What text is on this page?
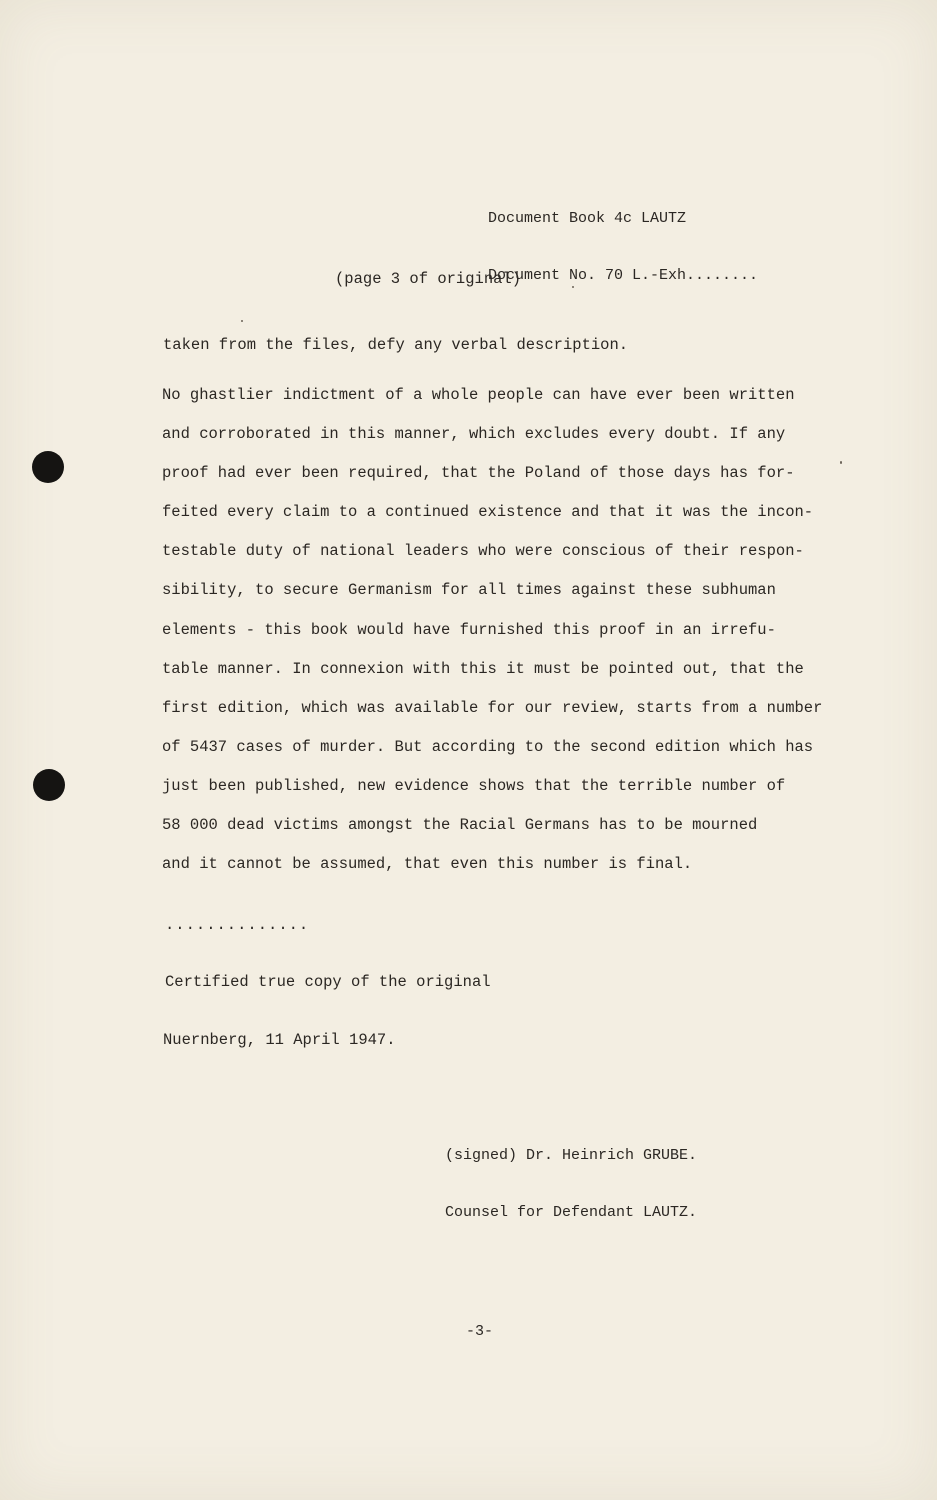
Document Book 4c LAUTZ

Document No. 70 L.-Exh........

(page 3 of original)
taken from the files, defy any verbal description.
No ghastlier indictment of a whole people can have ever been written
and corroborated in this manner, which excludes every doubt. If any
proof had ever been required, that the Poland of those days has for-
feited every claim to a continued existence and that it was the incon-
testable duty of national leaders who were conscious of their respon-
sibility, to secure Germanism for all times against these subhuman
elements - this book would have furnished this proof in an irrefu-
table manner. In connexion with this it must be pointed out, that the
first edition, which was available for our review, starts from a number
of 5437 cases of murder. But according to the second edition which has
just been published, new evidence shows that the terrible number of
58 000 dead victims amongst the Racial Germans has to be mourned
and it cannot be assumed, that even this number is final.
..............
Certified true copy of the original
Nuernberg, 11 April 1947.

(signed) Dr. Heinrich GRUBE.

Counsel for Defendant LAUTZ.

-3-
